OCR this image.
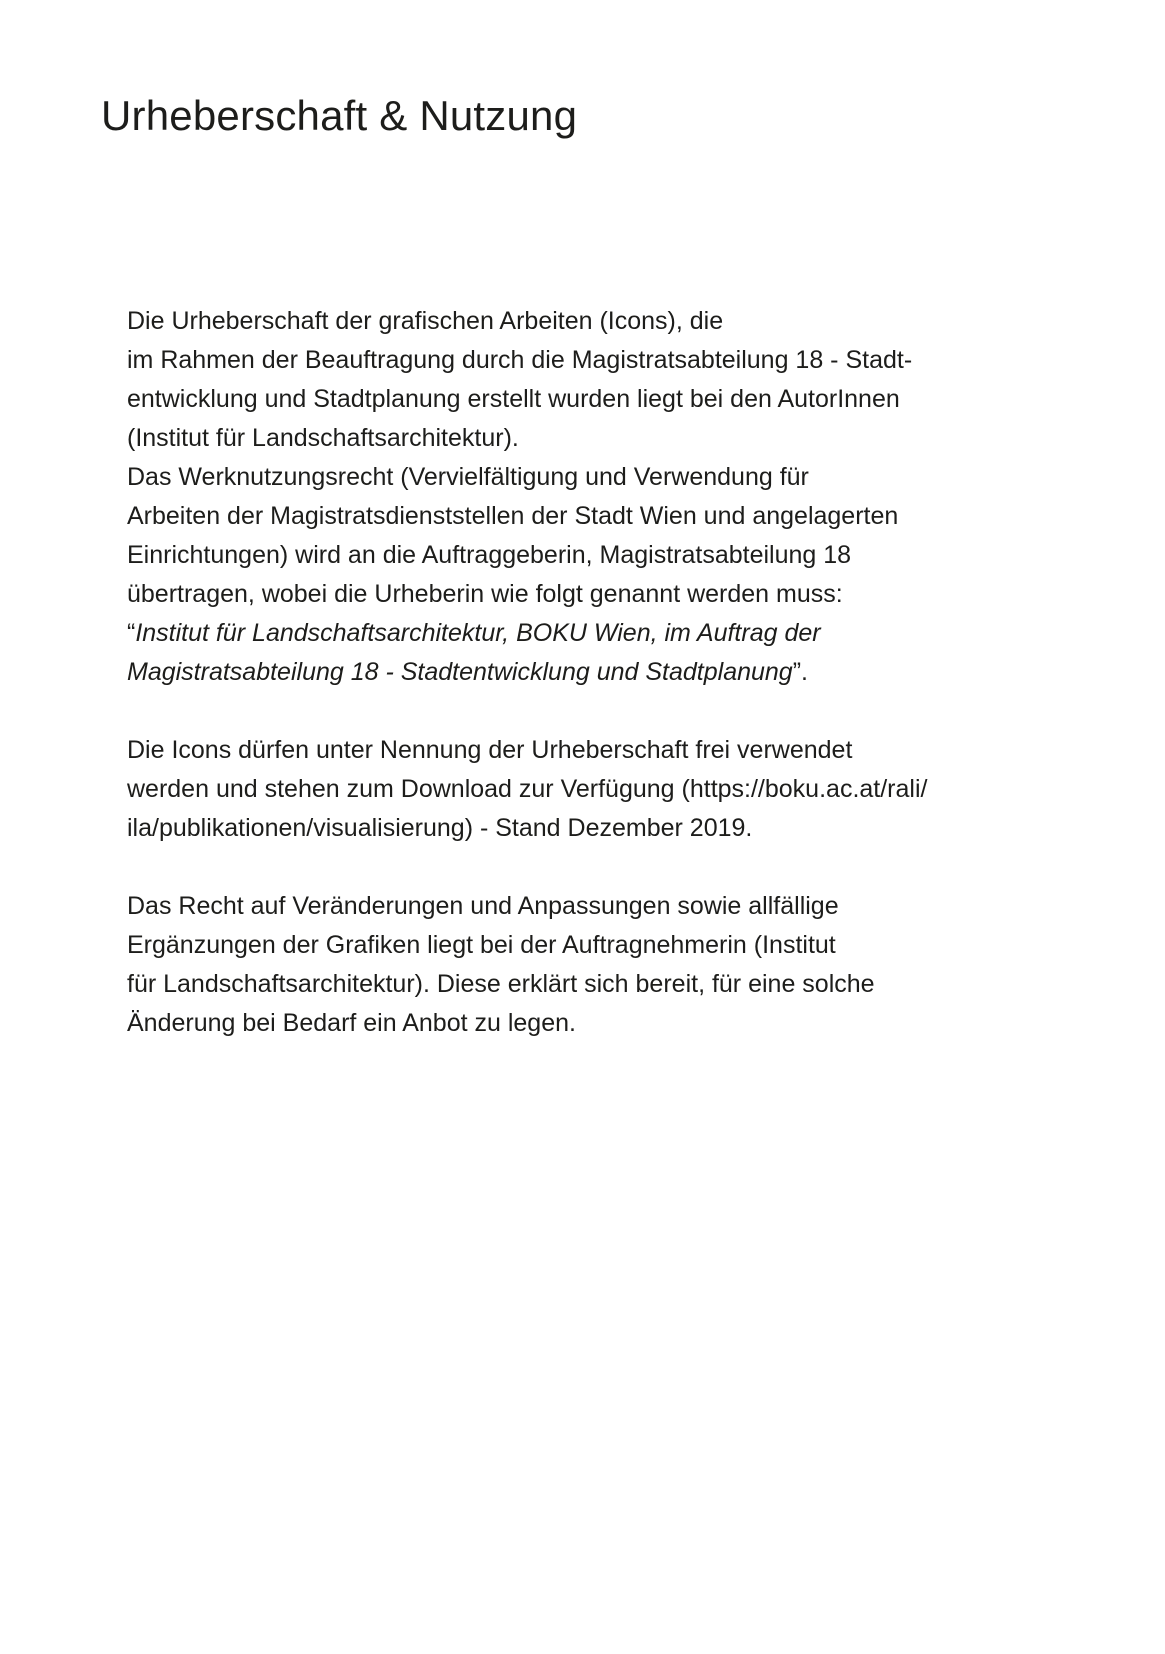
Urheberschaft & Nutzung
Die Urheberschaft der grafischen Arbeiten (Icons), die
im Rahmen der Beauftragung durch die Magistratsabteilung 18 - Stadt-
entwicklung und Stadtplanung erstellt wurden liegt bei den AutorInnen
(Institut für Landschaftsarchitektur).
Das Werknutzungsrecht (Vervielfältigung und Verwendung für
Arbeiten der Magistratsdienststellen der Stadt Wien und angelagerten
Einrichtungen) wird an die Auftraggeberin, Magistratsabteilung 18
übertragen, wobei die Urheberin wie folgt genannt werden muss:
“Institut für Landschaftsarchitektur, BOKU Wien, im Auftrag der
Magistratsabteilung 18 - Stadtentwicklung und Stadtplanung”.
Die Icons dürfen unter Nennung der Urheberschaft frei verwendet
werden und stehen zum Download zur Verfügung (https://boku.ac.at/rali/
ila/publikationen/visualisierung) - Stand Dezember 2019.
Das Recht auf Veränderungen und Anpassungen sowie allfällige
Ergänzungen der Grafiken liegt bei der Auftragnehmerin (Institut
für Landschaftsarchitektur). Diese erklärt sich bereit, für eine solche
Änderung bei Bedarf ein Anbot zu legen.
